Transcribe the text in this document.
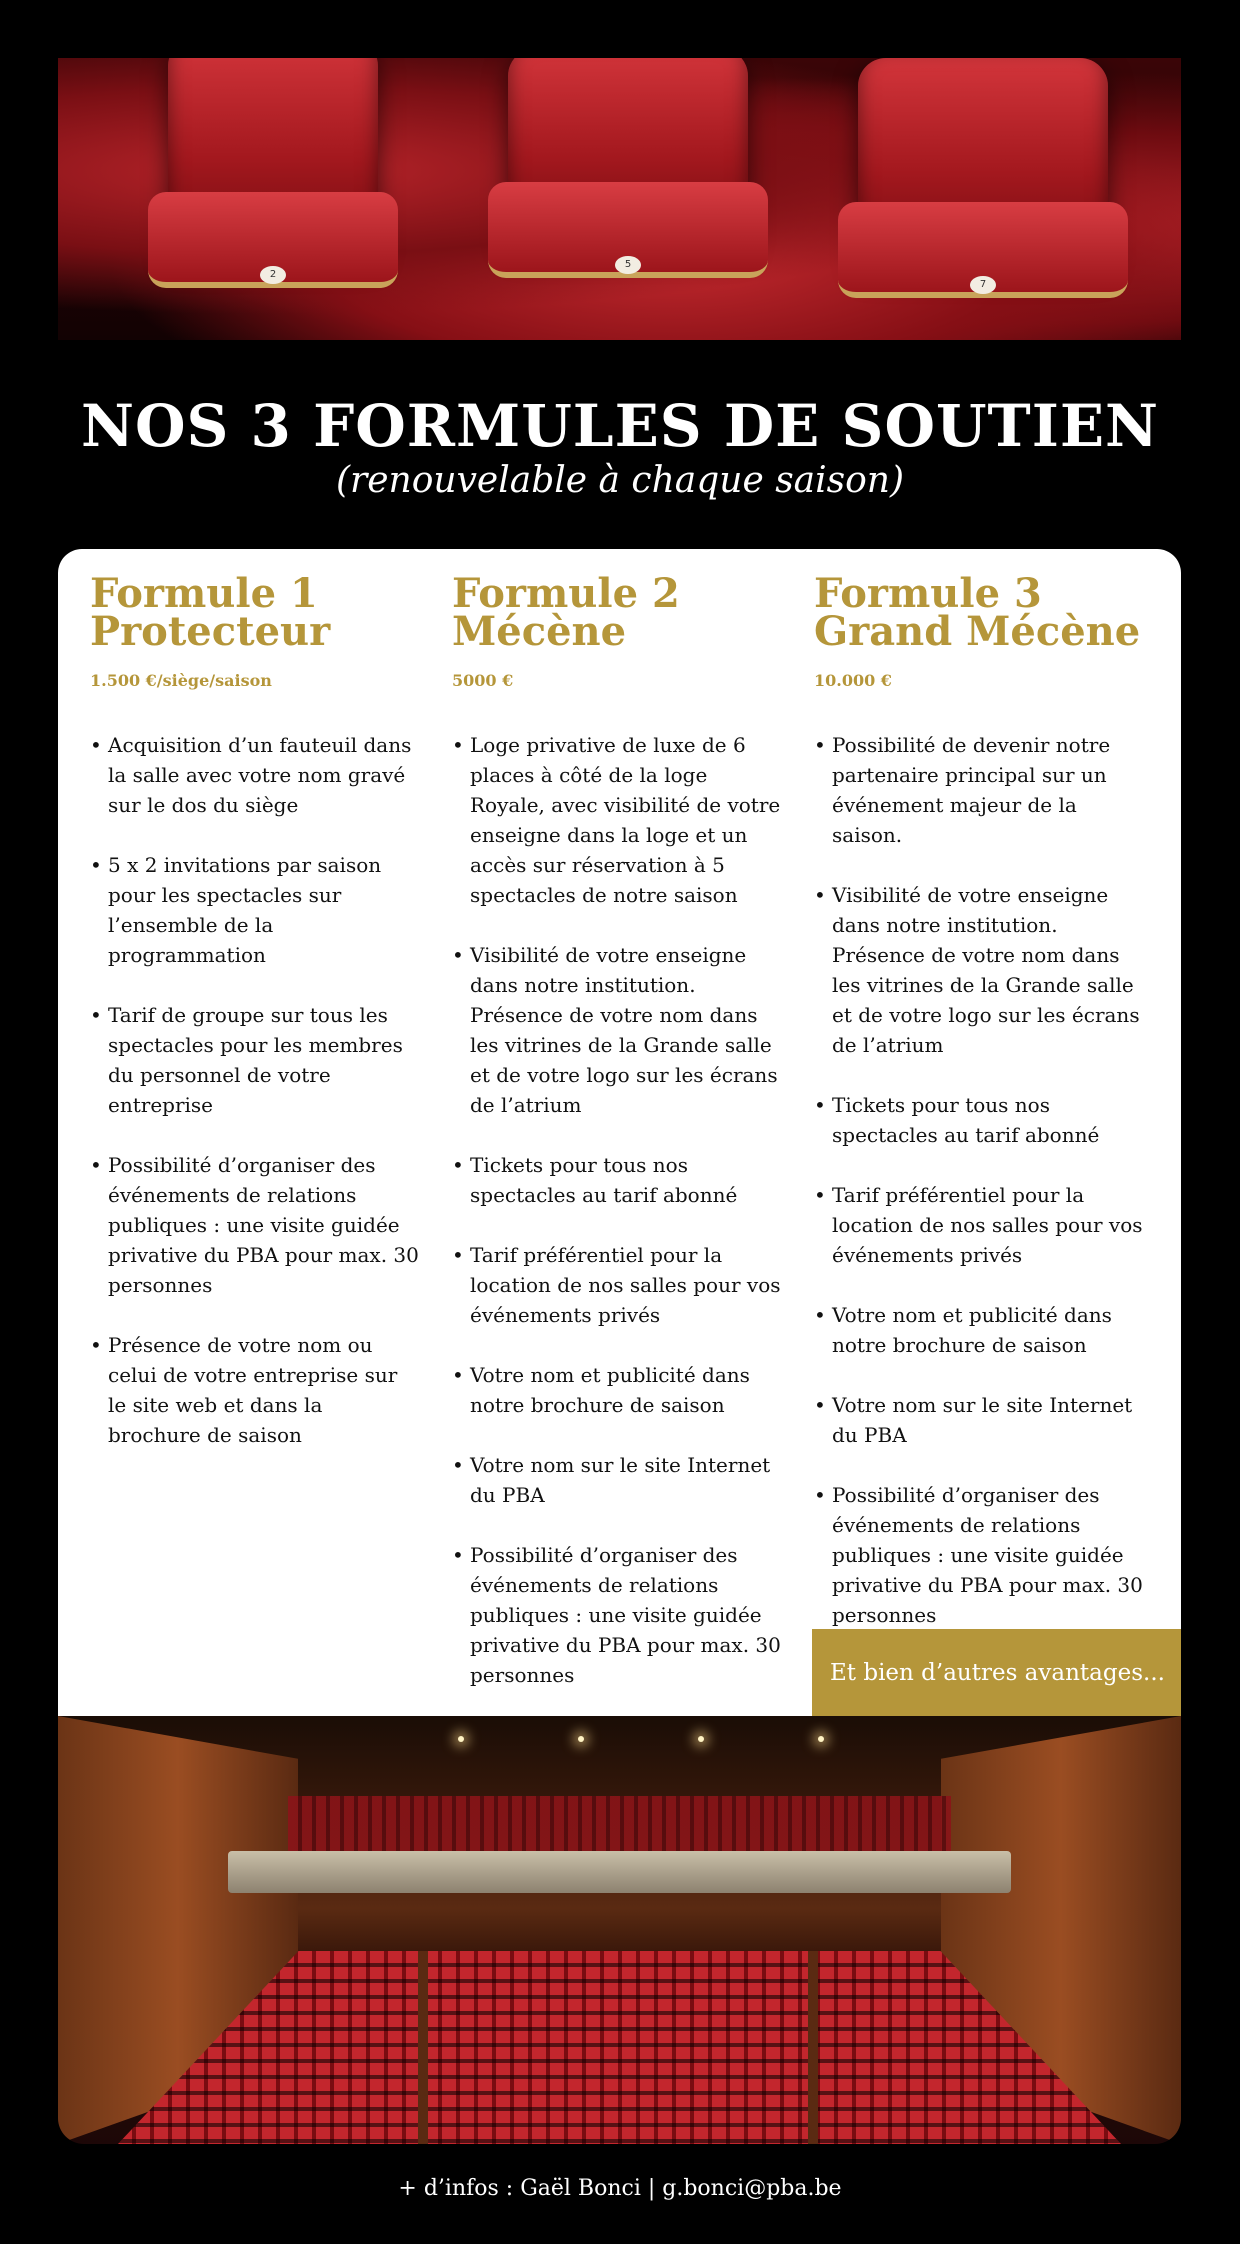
2
5
7
NOS 3 FORMULES DE SOUTIEN
(renouvelable à chaque saison)
Formule 1
Protecteur
1.500 €/siège/saison
• Acquisition d’un fauteuil dans la salle avec votre nom gravé sur le dos du siège
• 5 x 2 invitations par saison pour les spectacles sur l’ensemble de la programmation
• Tarif de groupe sur tous les spectacles pour les membres du personnel de votre entreprise
• Possibilité d’organiser des événements de relations publiques : une visite guidée privative du PBA pour max. 30 personnes
• Présence de votre nom ou celui de votre entreprise sur le site web et dans la brochure de saison
Formule 2
Mécène
5000 €
• Loge privative de luxe de 6 places à côté de la loge Royale, avec visibilité de votre enseigne dans la loge et un accès sur réservation à 5 spectacles de notre saison
• Visibilité de votre enseigne dans notre institution. Présence de votre nom dans les vitrines de la Grande salle et de votre logo sur les écrans de l’atrium
• Tickets pour tous nos spectacles au tarif abonné
• Tarif préférentiel pour la location de nos salles pour vos événements privés
• Votre nom et publicité dans notre brochure de saison
• Votre nom sur le site Internet du PBA
• Possibilité d’organiser des événements de relations publiques : une visite guidée privative du PBA pour max. 30 personnes
Formule 3
Grand Mécène
10.000 €
• Possibilité de devenir notre partenaire principal sur un événement majeur de la saison.
• Visibilité de votre enseigne dans notre institution. Présence de votre nom dans les vitrines de la Grande salle et de votre logo sur les écrans de l’atrium
• Tickets pour tous nos spectacles au tarif abonné
• Tarif préférentiel pour la location de nos salles pour vos événements privés
• Votre nom et publicité dans notre brochure de saison
• Votre nom sur le site Internet du PBA
• Possibilité d’organiser des événements de relations publiques : une visite guidée privative du PBA pour max. 30 personnes
Et bien d’autres avantages...
+ d’infos : Gaël Bonci | g.bonci@pba.be
